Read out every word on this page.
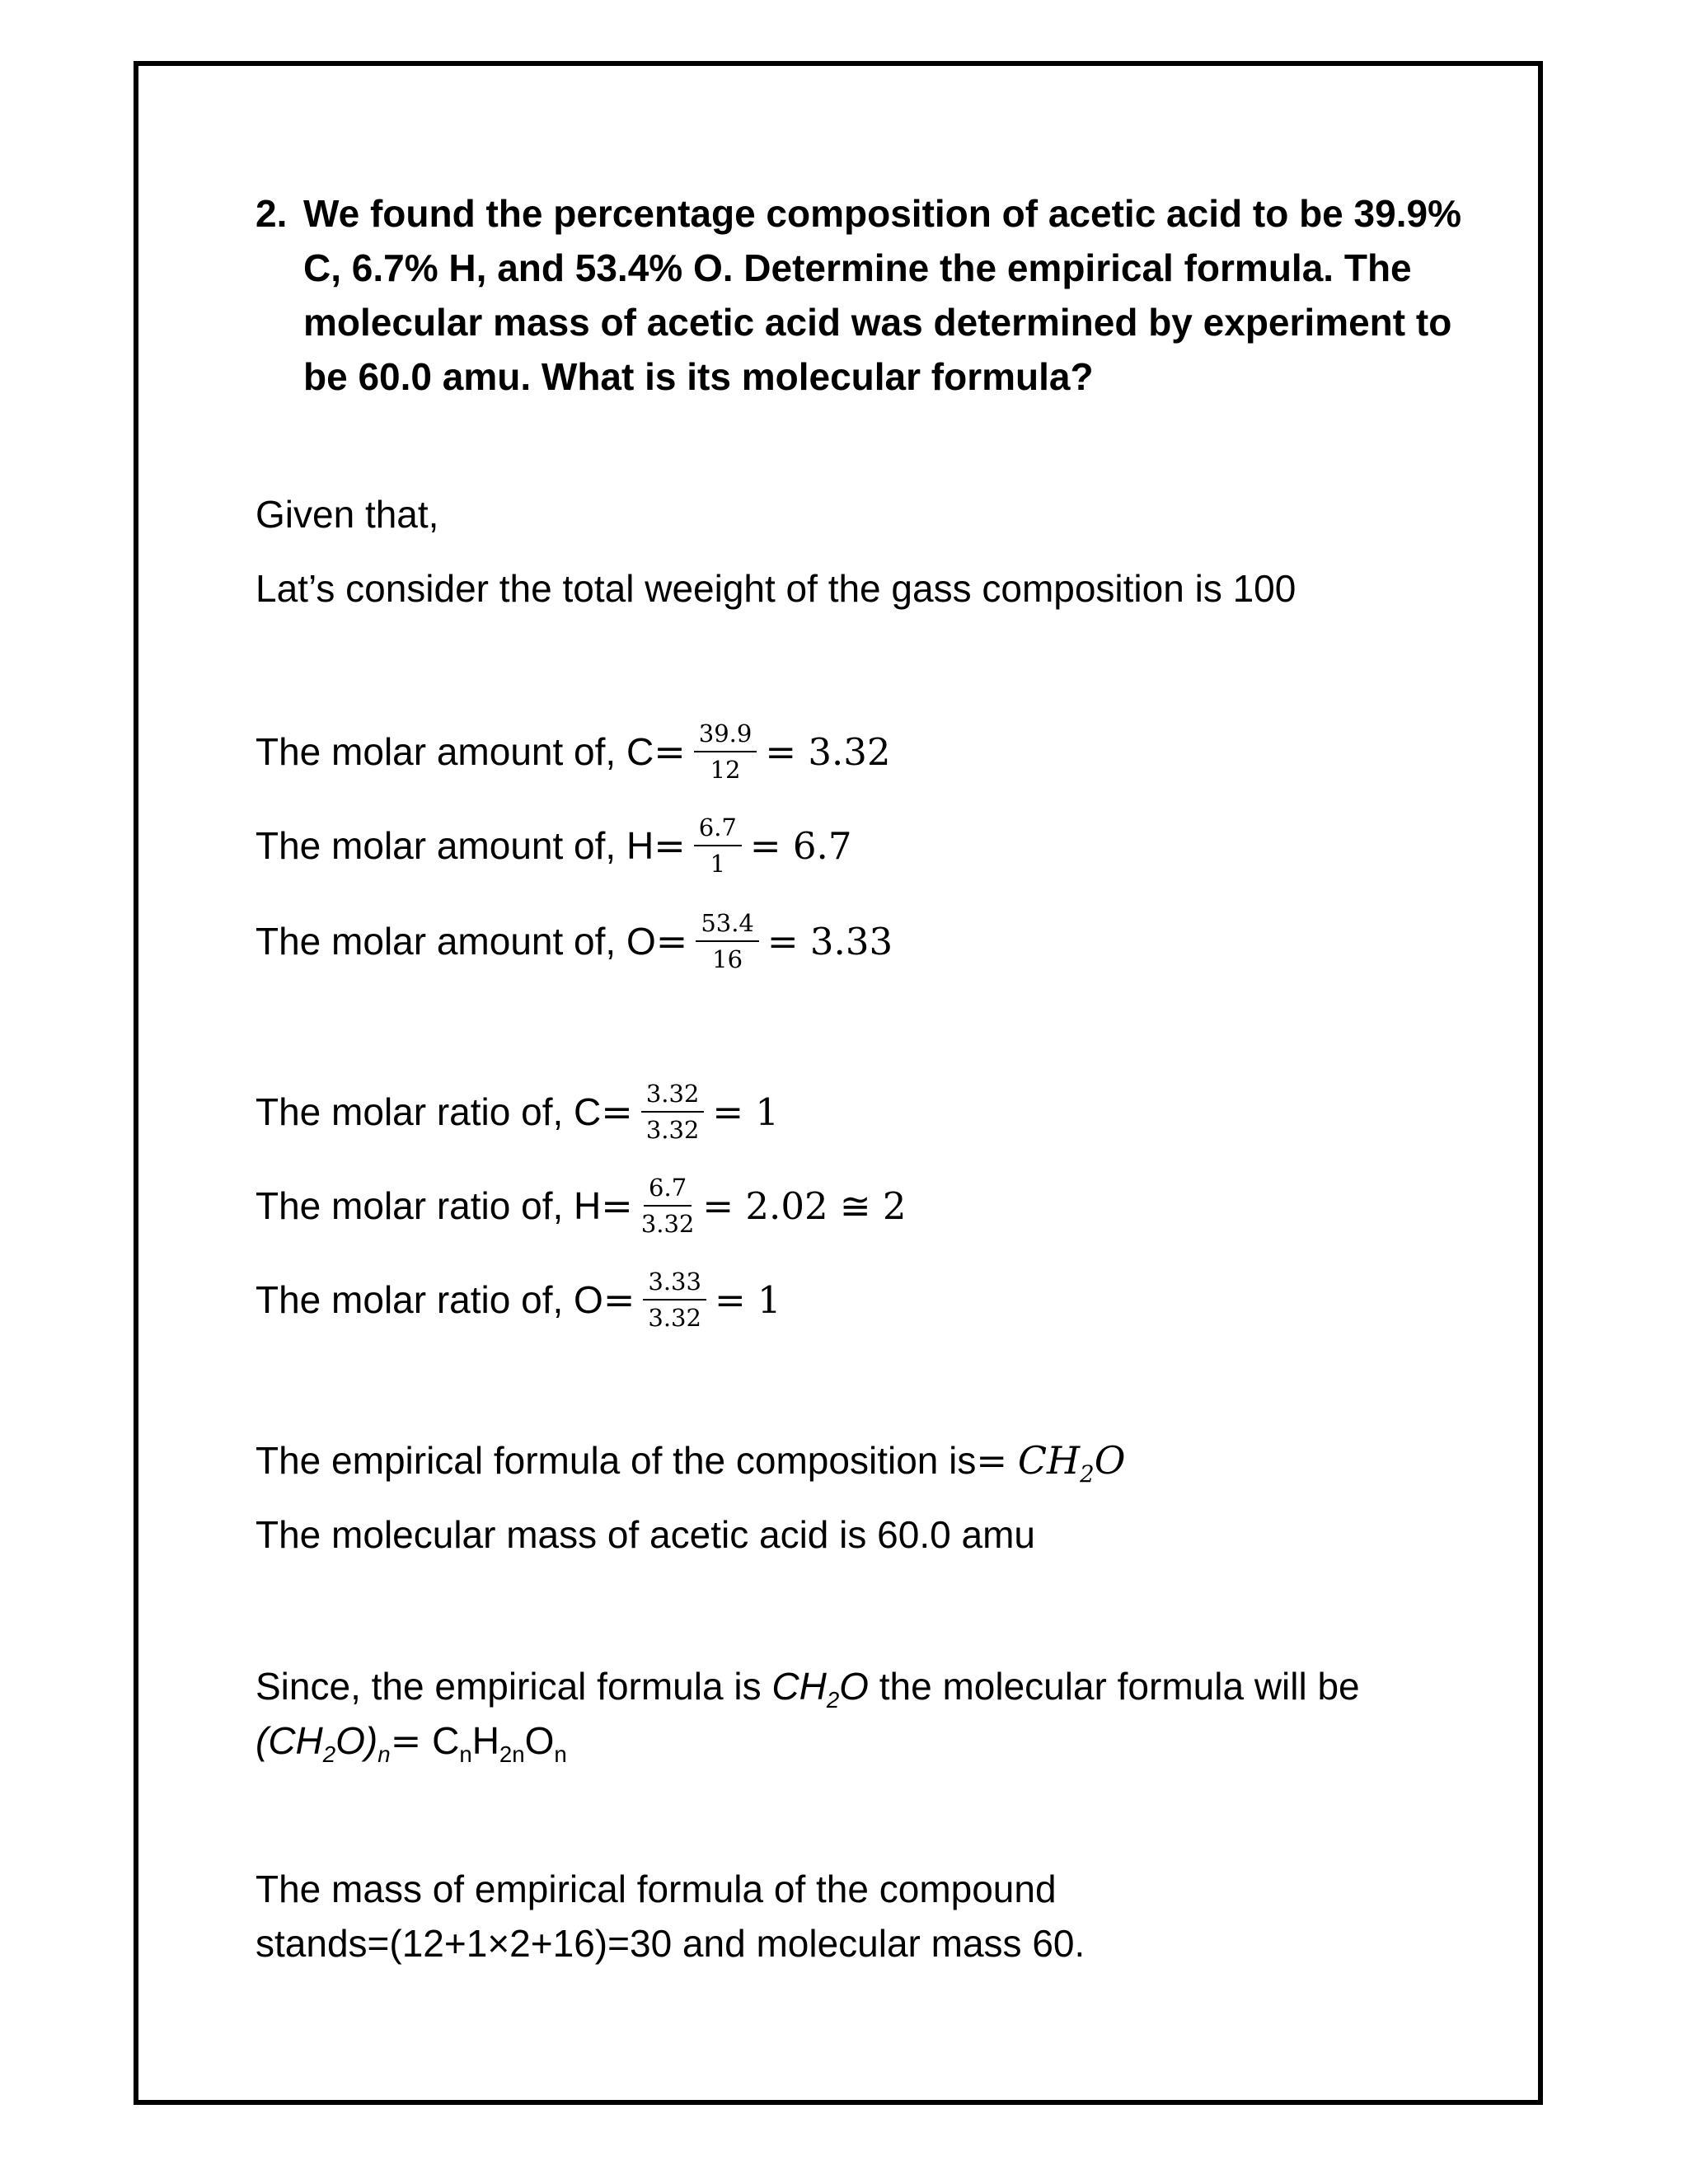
2. We found the percentage composition of acetic acid to be 39.9% C, 6.7% H, and 53.4% O. Determine the empirical formula. The molecular mass of acetic acid was determined by experiment to be 60.0 amu. What is its molecular formula?
Given that,
Lat’s consider the total weeight of the gass composition is 100
The molar amount of, $C= \frac{39.9}{12} = 3.32$
The molar amount of, $H= \frac{6.7}{1} = 6.7$
The molar amount of, $O= \frac{53.4}{16} = 3.33$
The molar ratio of, $C= \frac{3.32}{3.32} = 1$
The molar ratio of, $H= \frac{6.7}{3.32} = 2.02$ ≅ 2
The molar ratio of, $O= \frac{3.33}{3.32} = 1$
The empirical formula of the composition $is= CH_2O$
The molecular mass of acetic acid is 60.0 amu
Since, the empirical formula is $CH_2O$ the molecular formula will be
$(CH_2O)_n= C_nH_{2n}O_n$
The mass of empirical formula of the compound
stands=(12+1×2+16)=30 and molecular mass 60.
